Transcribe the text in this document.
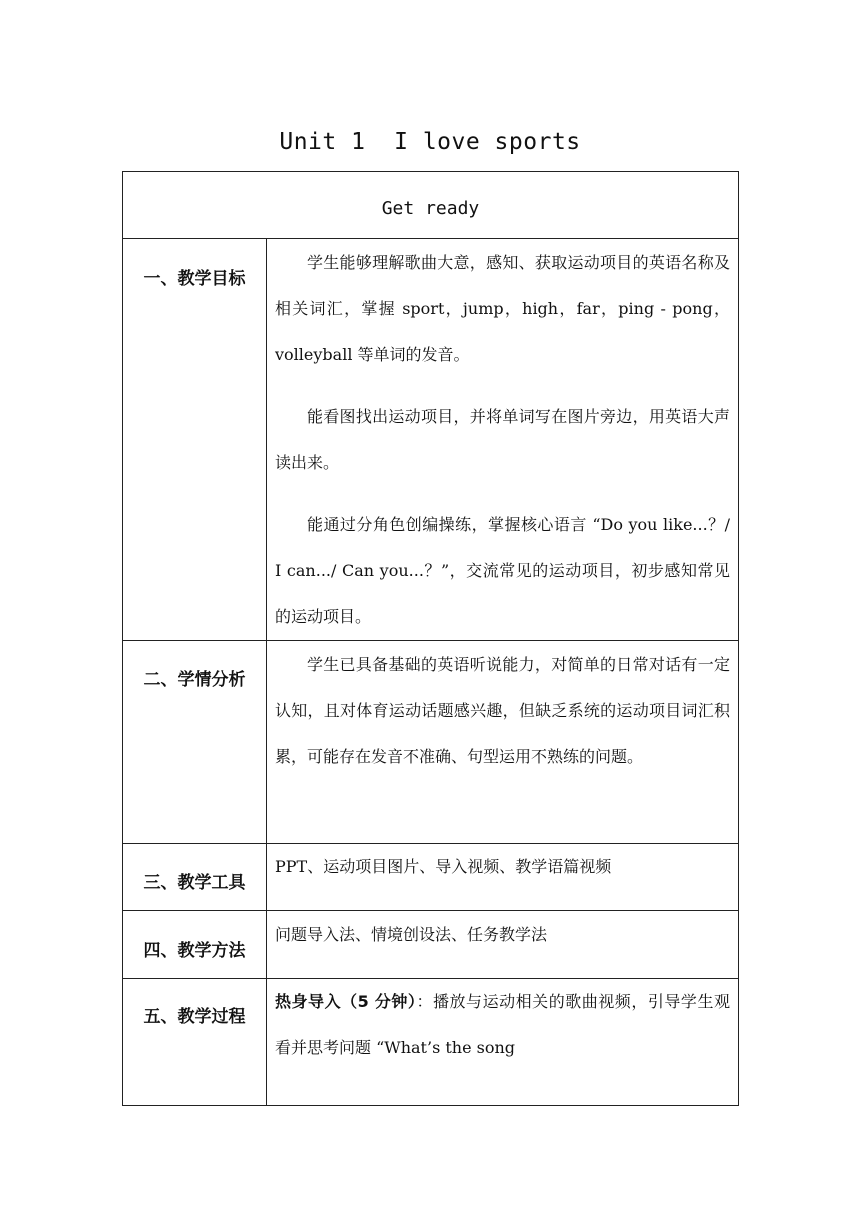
Unit 1  I love sports
Get ready
一、教学目标

学生能够理解歌曲大意，感知、获取运动项目的英语名称及相关词汇，掌握 sport，jump，high，far，ping - pong，volleyball 等单词的发音。

能看图找出运动项目，并将单词写在图片旁边，用英语大声读出来。

能通过分角色创编操练，掌握核心语言 “Do you like...？/ I can.../ Can you...？”，交流常见的运动项目，初步感知常见的运动项目。

二、学情分析

学生已具备基础的英语听说能力，对简单的日常对话有一定认知，且对体育运动话题感兴趣，但缺乏系统的运动项目词汇积累，可能存在发音不准确、句型运用不熟练的问题。

三、教学工具

PPT、运动项目图片、导入视频、教学语篇视频

四、教学方法

问题导入法、情境创设法、任务教学法

五、教学过程

热身导入（5 分钟）：播放与运动相关的歌曲视频，引导学生观看并思考问题 “What’s the song
